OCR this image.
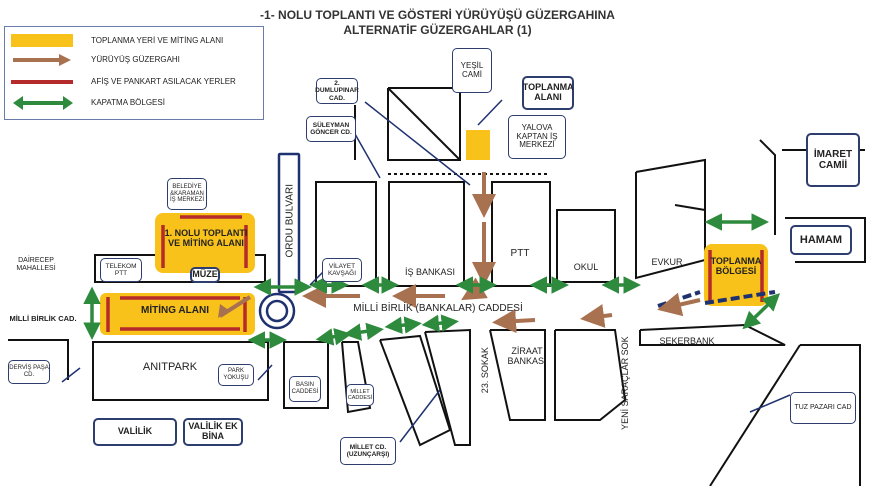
-1- NOLU TOPLANTI VE GÖSTERİ YÜRÜYÜŞÜ GÜZERGAHINA
ALTERNATİF GÜZERGAHLAR (1)
TOPLANMA YERİ VE MİTİNG ALANI
YÜRÜYÜŞ GÜZERGAHI
AFİŞ VE PANKART ASILACAK YERLER
KAPATMA BÖLGESİ
BELEDİYE &KARAMAN İŞ MERKEZİ
1. NOLU TOPLANTI VE MİTİNG ALANI
MÜZE
MİTİNG ALANI
YEŞİL CAMİ
TOPLANMA ALANI
YALOVA KAPTAN İŞ MERKEZİ
2. DUMLUPINAR CAD.
SÜLEYMAN GÖNCER CD.
DAİRECEP MAHALLESİ	TELEKOM PTT
MİLLİ BİRLİK CAD.
ORDU BULVARI
VİLAYET KAVŞAĞI	İŞ BANKASI
PTT
OKUL	EVKUR
İMARET CAMİİ
HAMAM
TOPLANMA BÖLGESİ
MİLLİ BİRLİK (BANKALAR) CADDESİ
ANITPARK
DERVİŞ PAŞA CD.
PARK YOKUŞU
BASIN CADDESİ	MİLLET CADDESİ
23. SOKAK	ZİRAAT BANKASI	YENİ SARAÇLAR SOK	ŞEKERBANK
TUZ PAZARI CAD
VALİLİK	VALİLİK EK BİNA
MİLLET CD. (UZUNÇARŞI)
